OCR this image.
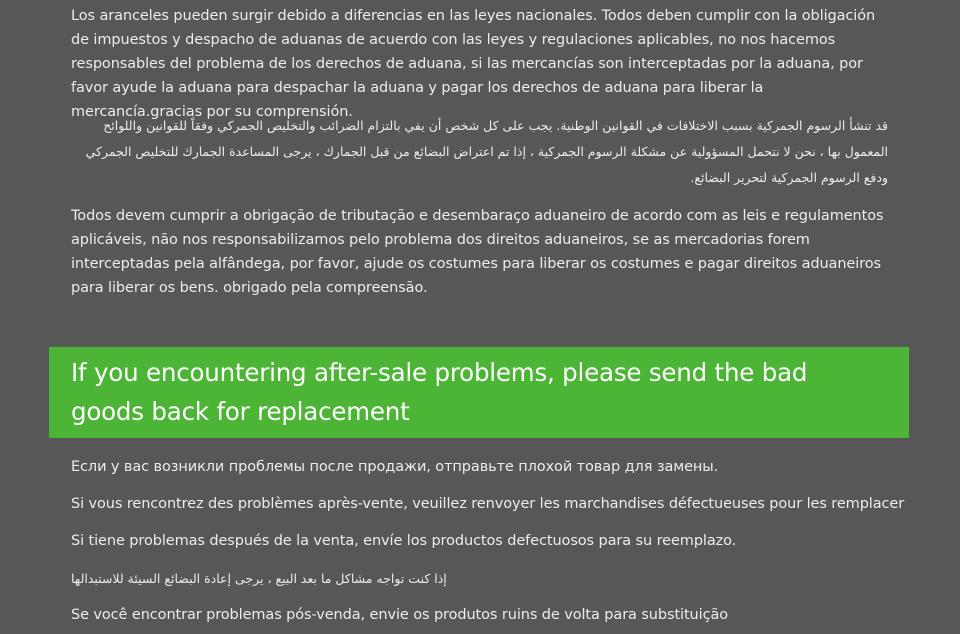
Los aranceles pueden surgir debido a diferencias en las leyes nacionales. Todos deben cumplir con la obligación de impuestos y despacho de aduanas de acuerdo con las leyes y regulaciones aplicables, no nos hacemos responsables del problema de los derechos de aduana, si las mercancías son interceptadas por la aduana, por favor ayude la aduana para despachar la aduana y pagar los derechos de aduana para liberar la mercancía.gracias por su comprensión.

قد تنشأ الرسوم الجمركية بسبب الاختلافات في القوانين الوطنية. يجب على كل شخص أن يفي بالتزام الضرائب والتخليص الجمركي وفقاً للقوانين واللوائح المعمول بها ، نحن لا نتحمل المسؤولية عن مشكلة الرسوم الجمركية ، إذا تم اعتراض البضائع من قبل الجمارك ، يرجى المساعدة الجمارك للتخليص الجمركي ودفع الرسوم الجمركية لتحرير البضائع.

Todos devem cumprir a obrigação de tributação e desembaraço aduaneiro de acordo com as leis e regulamentos aplicáveis, não nos responsabilizamos pelo problema dos direitos aduaneiros, se as mercadorias forem interceptadas pela alfândega, por favor, ajude os costumes para liberar os costumes e pagar direitos aduaneiros para liberar os bens. obrigado pela compreensão.

If you encountering after-sale problems, please send the bad goods back for replacement
Если у вас возникли проблемы после продажи, отправьте плохой товар для замены.
Si vous rencontrez des problèmes après-vente, veuillez renvoyer les marchandises défectueuses pour les remplacer
Si tiene problemas después de la venta, envíe los productos defectuosos para su reemplazo.
إذا كنت تواجه مشاكل ما بعد البيع ، يرجى إعادة البضائع السيئة للاستبدالها
Se você encontrar problemas pós-venda, envie os produtos ruins de volta para substituição
